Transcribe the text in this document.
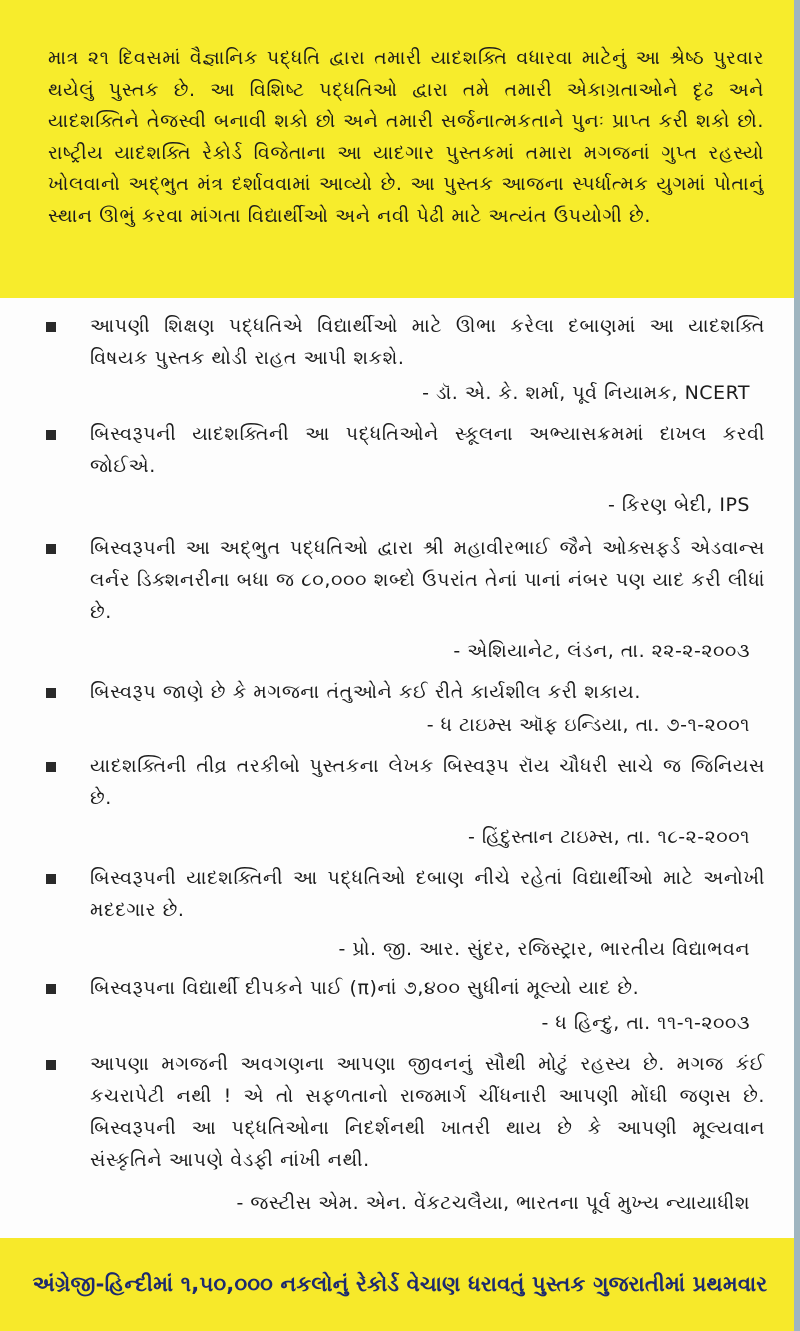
માત્ર ૨૧ દિવસમાં વૈજ્ઞાનિક પદ્ધતિ દ્વારા તમારી યાદશક્તિ વધારવા માટેનું આ શ્રેષ્ઠ પુરવાર થયેલું પુસ્તક છે. આ વિશિષ્ટ પદ્ધતિઓ દ્વારા તમે તમારી એકાગ્રતાઓને દૃઢ અને યાદશક્તિને તેજસ્વી બનાવી શકો છો અને તમારી સર્જનાત્મકતાને પુનઃ પ્રાપ્ત કરી શકો છો. રાષ્ટ્રીય યાદશક્તિ રેકોર્ડ વિજેતાના આ યાદગાર પુસ્તકમાં તમારા મગજનાં ગુપ્ત રહસ્યો ખોલવાનો અદ્ભુત મંત્ર દર્શાવવામાં આવ્યો છે. આ પુસ્તક આજના સ્પર્ધાત્મક યુગમાં પોતાનું સ્થાન ઊભું કરવા માંગતા વિદ્યાર્થીઓ અને નવી પેઢી માટે અત્યંત ઉપયોગી છે.

આપણી શિક્ષણ પદ્ધતિએ વિદ્યાર્થીઓ માટે ઊભા કરેલા દબાણમાં આ યાદશક્તિ વિષયક પુસ્તક થોડી રાહત આપી શકશે.

- ડૉ. એ. કે. શર્મા, પૂર્વ નિયામક, NCERT

બિસ્વરૂપની યાદશક્તિની આ પદ્ધતિઓને સ્કૂલના અભ્યાસક્રમમાં દાખલ કરવી જોઈએ.

- કિરણ બેદી, IPS

બિસ્વરૂપની આ અદ્ભુત પદ્ધતિઓ દ્વારા શ્રી મહાવીરભાઈ જૈને ઓક્સફર્ડ એડવાન્સ લર્નર ડિક્શનરીના બધા જ ૮૦,૦૦૦ શબ્દો ઉપરાંત તેનાં પાનાં નંબર પણ યાદ કરી લીધાં છે.

- એશિયાનેટ, લંડન, તા. ૨૨-૨-૨૦૦૩

બિસ્વરૂપ જાણે છે કે મગજના તંતુઓને કઈ રીતે કાર્યશીલ કરી શકાય.

- ધ ટાઇમ્સ ઑફ ઇન્ડિયા, તા. ૭-૧-૨૦૦૧

યાદશક્તિની તીવ્ર તરકીબો પુસ્તકના લેખક બિસ્વરૂપ રૉય ચૌધરી સાચે જ જિનિયસ છે.

- હિંદુસ્તાન ટાઇમ્સ, તા. ૧૮-૨-૨૦૦૧

બિસ્વરૂપની યાદશક્તિની આ પદ્ધતિઓ દબાણ નીચે રહેતાં વિદ્યાર્થીઓ માટે અનોખી મદદગાર છે.

- પ્રો. જી. આર. સુંદર, રજિસ્ટ્રાર, ભારતીય વિદ્યાભવન

બિસ્વરૂપના વિદ્યાર્થી દીપકને પાઈ (π)નાં ૭,૪૦૦ સુધીનાં મૂલ્યો યાદ છે.

- ધ હિન્દુ, તા. ૧૧-૧-૨૦૦૩

આપણા મગજની અવગણના આપણા જીવનનું સૌથી મોટું રહસ્ય છે. મગજ કંઈ કચરાપેટી નથી ! એ તો સફળતાનો રાજમાર્ગ ચીંધનારી આપણી મોંઘી જણસ છે. બિસ્વરૂપની આ પદ્ધતિઓના નિદર્શનથી ખાતરી થાય છે કે આપણી મૂલ્યવાન સંસ્કૃતિને આપણે વેડફી નાંખી નથી.

- જસ્ટીસ એમ. એન. વેંકટચલૈયા, ભારતના પૂર્વ મુખ્ય ન્યાયાધીશ
અંગ્રેજી-હિન્દીમાં ૧,૫૦,૦૦૦ નકલોનું રેકોર્ડ વેચાણ ધરાવતું પુસ્તક ગુજરાતીમાં પ્રથમવાર
